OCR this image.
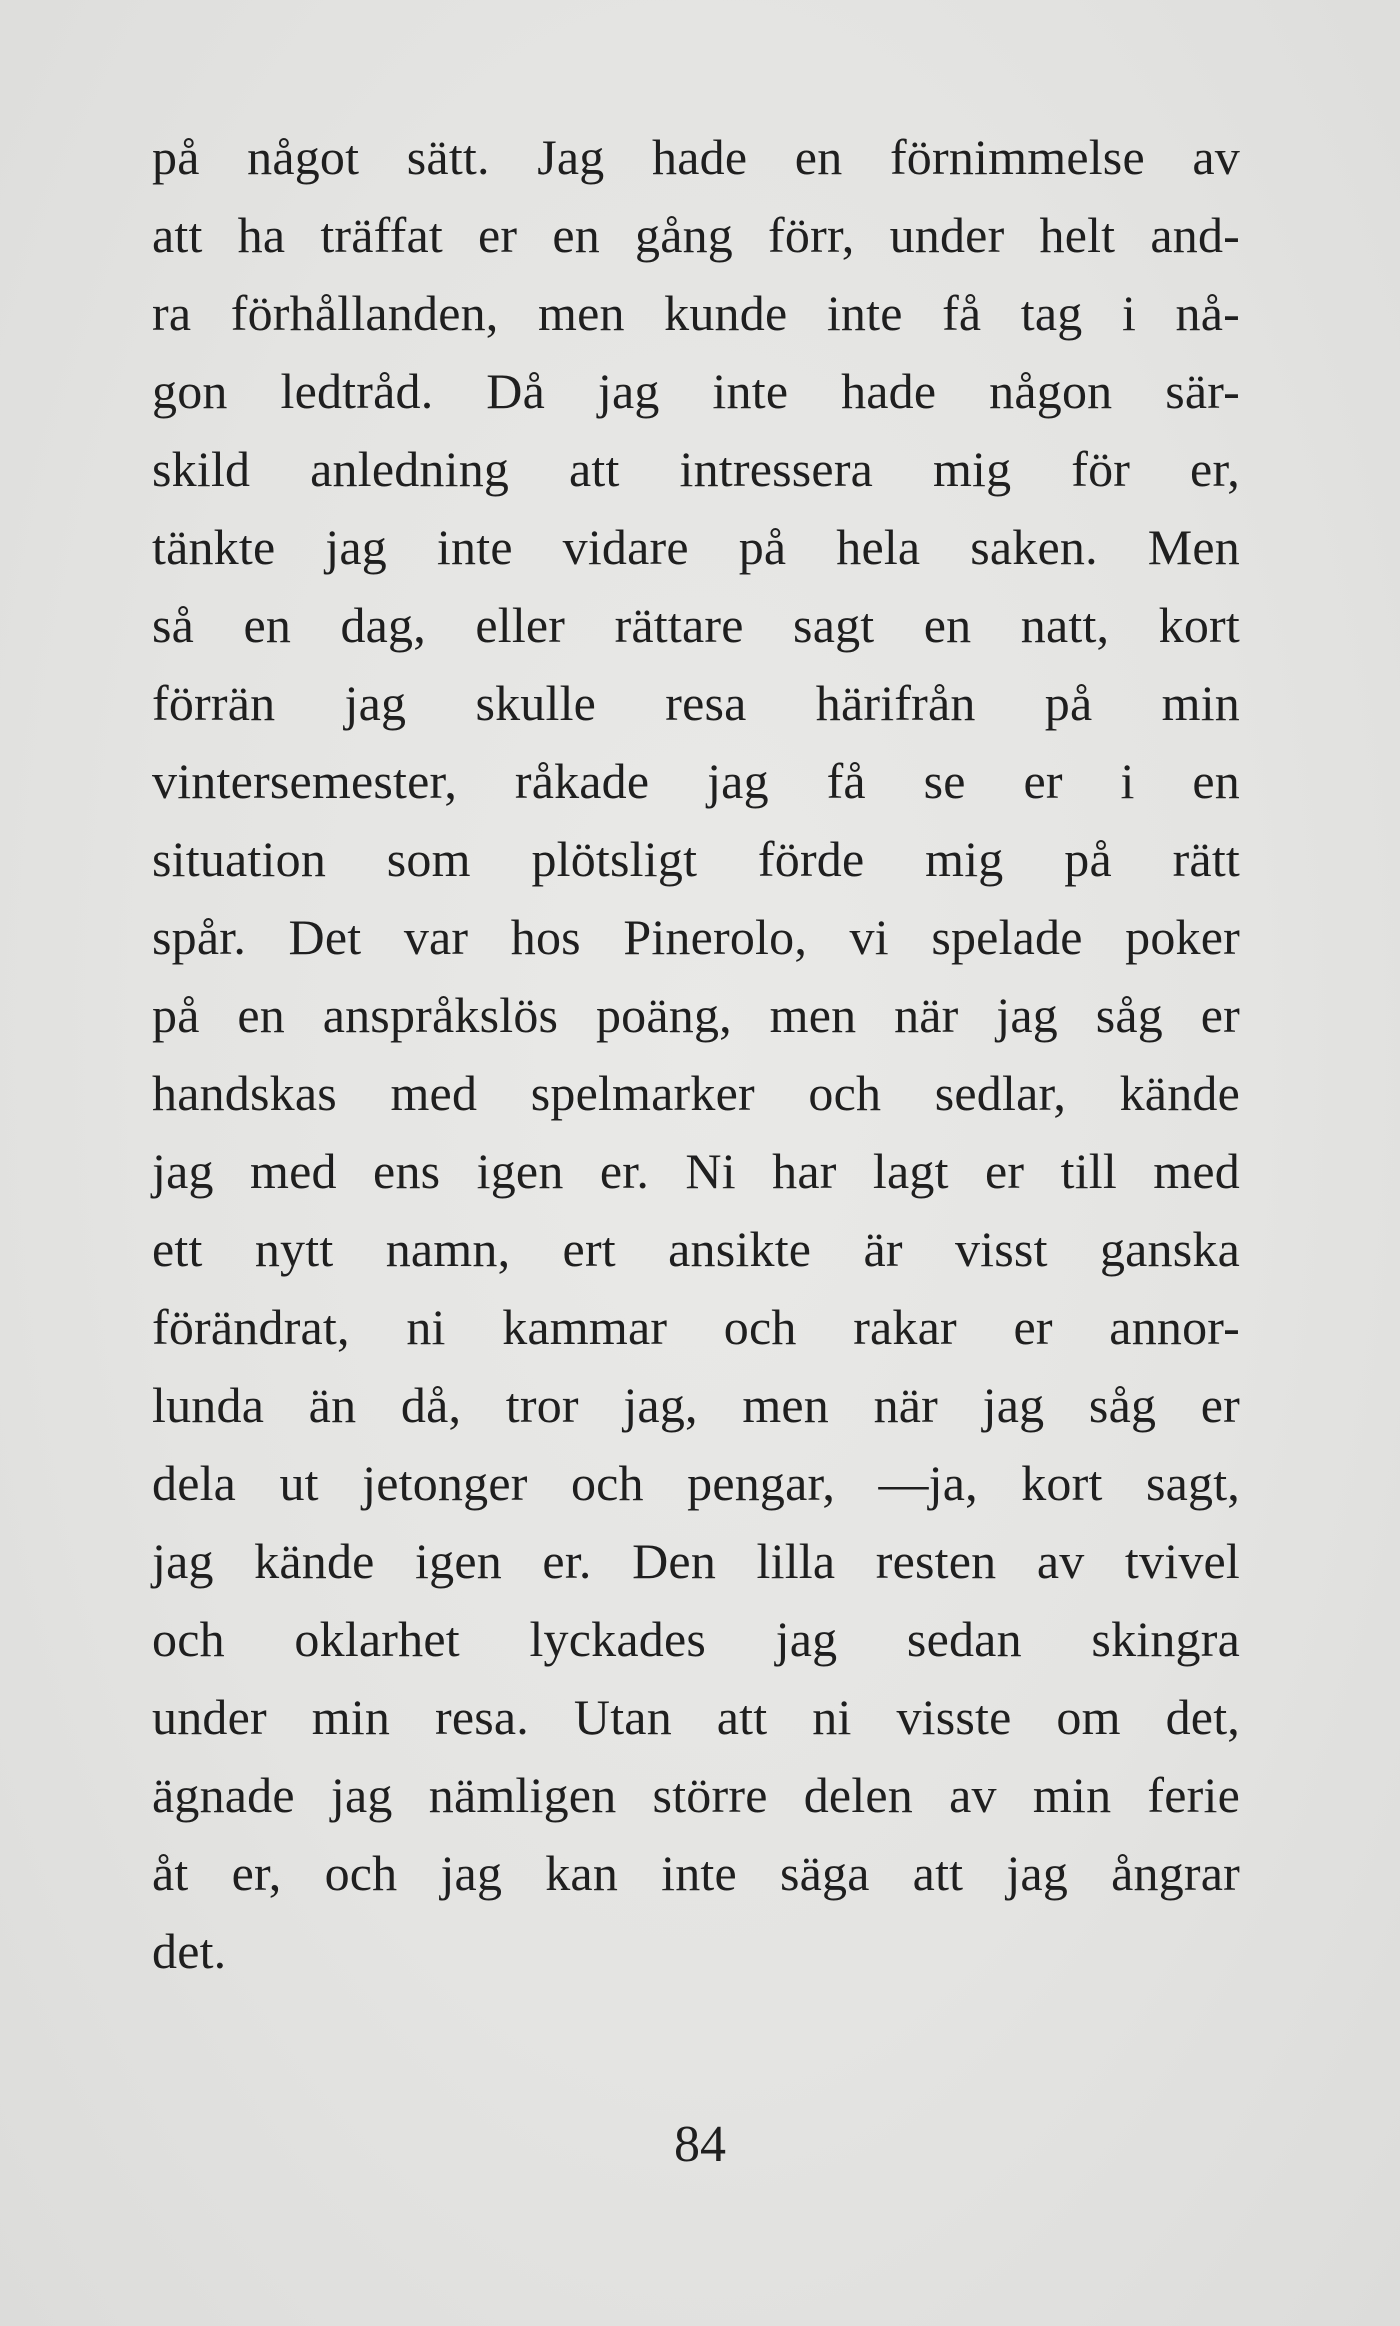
på något sätt. Jag hade en förnimmelse av
att ha träffat er en gång förr, under helt and-
ra förhållanden, men kunde inte få tag i nå-
gon ledtråd. Då jag inte hade någon sär-
skild anledning att intressera mig för er,
tänkte jag inte vidare på hela saken. Men
så en dag, eller rättare sagt en natt, kort
förrän jag skulle resa härifrån på min
vintersemester, råkade jag få se er i en
situation som plötsligt förde mig på rätt
spår. Det var hos Pinerolo, vi spelade poker
på en anspråkslös poäng, men när jag såg er
handskas med spelmarker och sedlar, kände
jag med ens igen er. Ni har lagt er till med
ett nytt namn, ert ansikte är visst ganska
förändrat, ni kammar och rakar er annor-
lunda än då, tror jag, men när jag såg er
dela ut jetonger och pengar, —ja, kort sagt,
jag kände igen er. Den lilla resten av tvivel
och oklarhet lyckades jag sedan skingra
under min resa. Utan att ni visste om det,
ägnade jag nämligen större delen av min ferie
åt er, och jag kan inte säga att jag ångrar
det.
84
